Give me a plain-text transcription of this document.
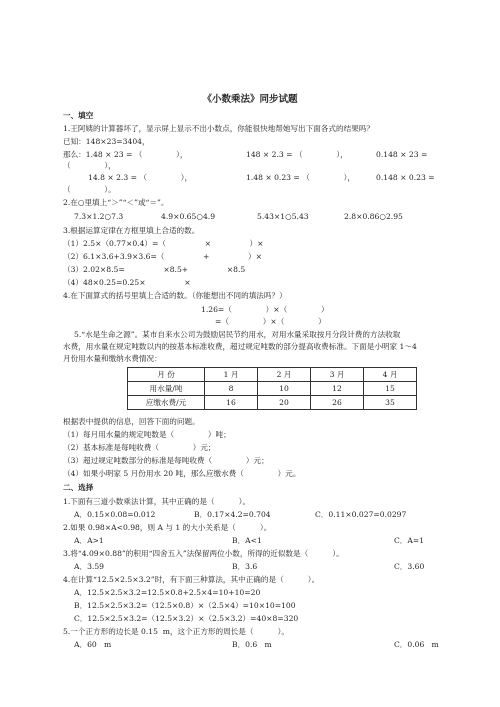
《小数乘法》同步试题
一、填空
1.王阿姨的计算器坏了，显示屏上显示不出小数点，你能很快地帮她写出下面各式的结果吗？
已知：148×23=3404，
那么：1.48 × 23 = （              ），	148 × 2.3 = （              ），	0.148 × 23 =
（              ），
14.8 × 2.3 = （              ），	1.48 × 0.23 = （              ），	0.148 × 0.23 =
（              ）。
2.在○里填上“＞”“＜”或“＝”。
7.3×1.2○7.3	4.9×0.65○4.9	5.43×1○5.43	2.8×0.86○2.95
3.根据运算定律在方框里填上合适的数。
（1）2.5×（0.77×0.4）=（                ×                ）×
（2）6.1×3.6+3.9×3.6=（                +                ）×
（3）2.02×8.5=                ×8.5+                ×8.5
（4）48×0.25=0.25×                ×
4.在下面算式的括号里填上合适的数。（你能想出不同的填法吗？）
1.26=（              ）×（              ）
=（              ）×（              ）
5.“水是生命之源”。某市自来水公司为鼓励居民节约用水，对用水量采取按月分段计费的方法收取
水费，用水量在规定吨数以内的按基本标准收费，超过规定吨数的部分提高收费标准。下面是小明家 1～4
月份用水量和缴纳水费情况：
月 份	1 月	2 月	3 月	4 月
用水量/吨	8	10	12	15
应缴水费/元	16	20	26	35
根据表中提供的信息，回答下面的问题。
（1）每月用水量的规定吨数是（              ）吨；
（2）基本标准是每吨收费（              ）元；
（3）超过规定吨数部分的标准是每吨收费（              ）元；
（4）如果小明家 5 月份用水 20 吨，那么应缴水费（              ）元。
二、选择
1.下面有三道小数乘法计算，其中正确的是（          ）。
A．0.15×0.08=0.012	B．0.17×4.2=0.704	C．0.11×0.027=0.0297
2.如果 0.98×A<0.98，则 A 与 1 的大小关系是（          ）。
A．A>1	B．A<1	C．A=1
3.将“4.09×0.88”的积用“四舍五入”法保留两位小数，所得的近似数是（          ）。
A．3.59	B．3.6	C．3.60
4.在计算“12.5×2.5×3.2”时，有下面三种算法，其中正确的是（          ）。
A．12.5×2.5×3.2=12.5×0.8+2.5×4=10+10=20
B．12.5×2.5×3.2=（12.5×0.8）×（2.5×4）=10×10=100
C．12.5×2.5×3.2=（12.5×3.2）×（2.5×3.2）=40×8=320
5.一个正方形的边长是 0.15  m，这个正方形的周长是（          ）。
A．60   m	B．0.6   m	C．0.06   m
